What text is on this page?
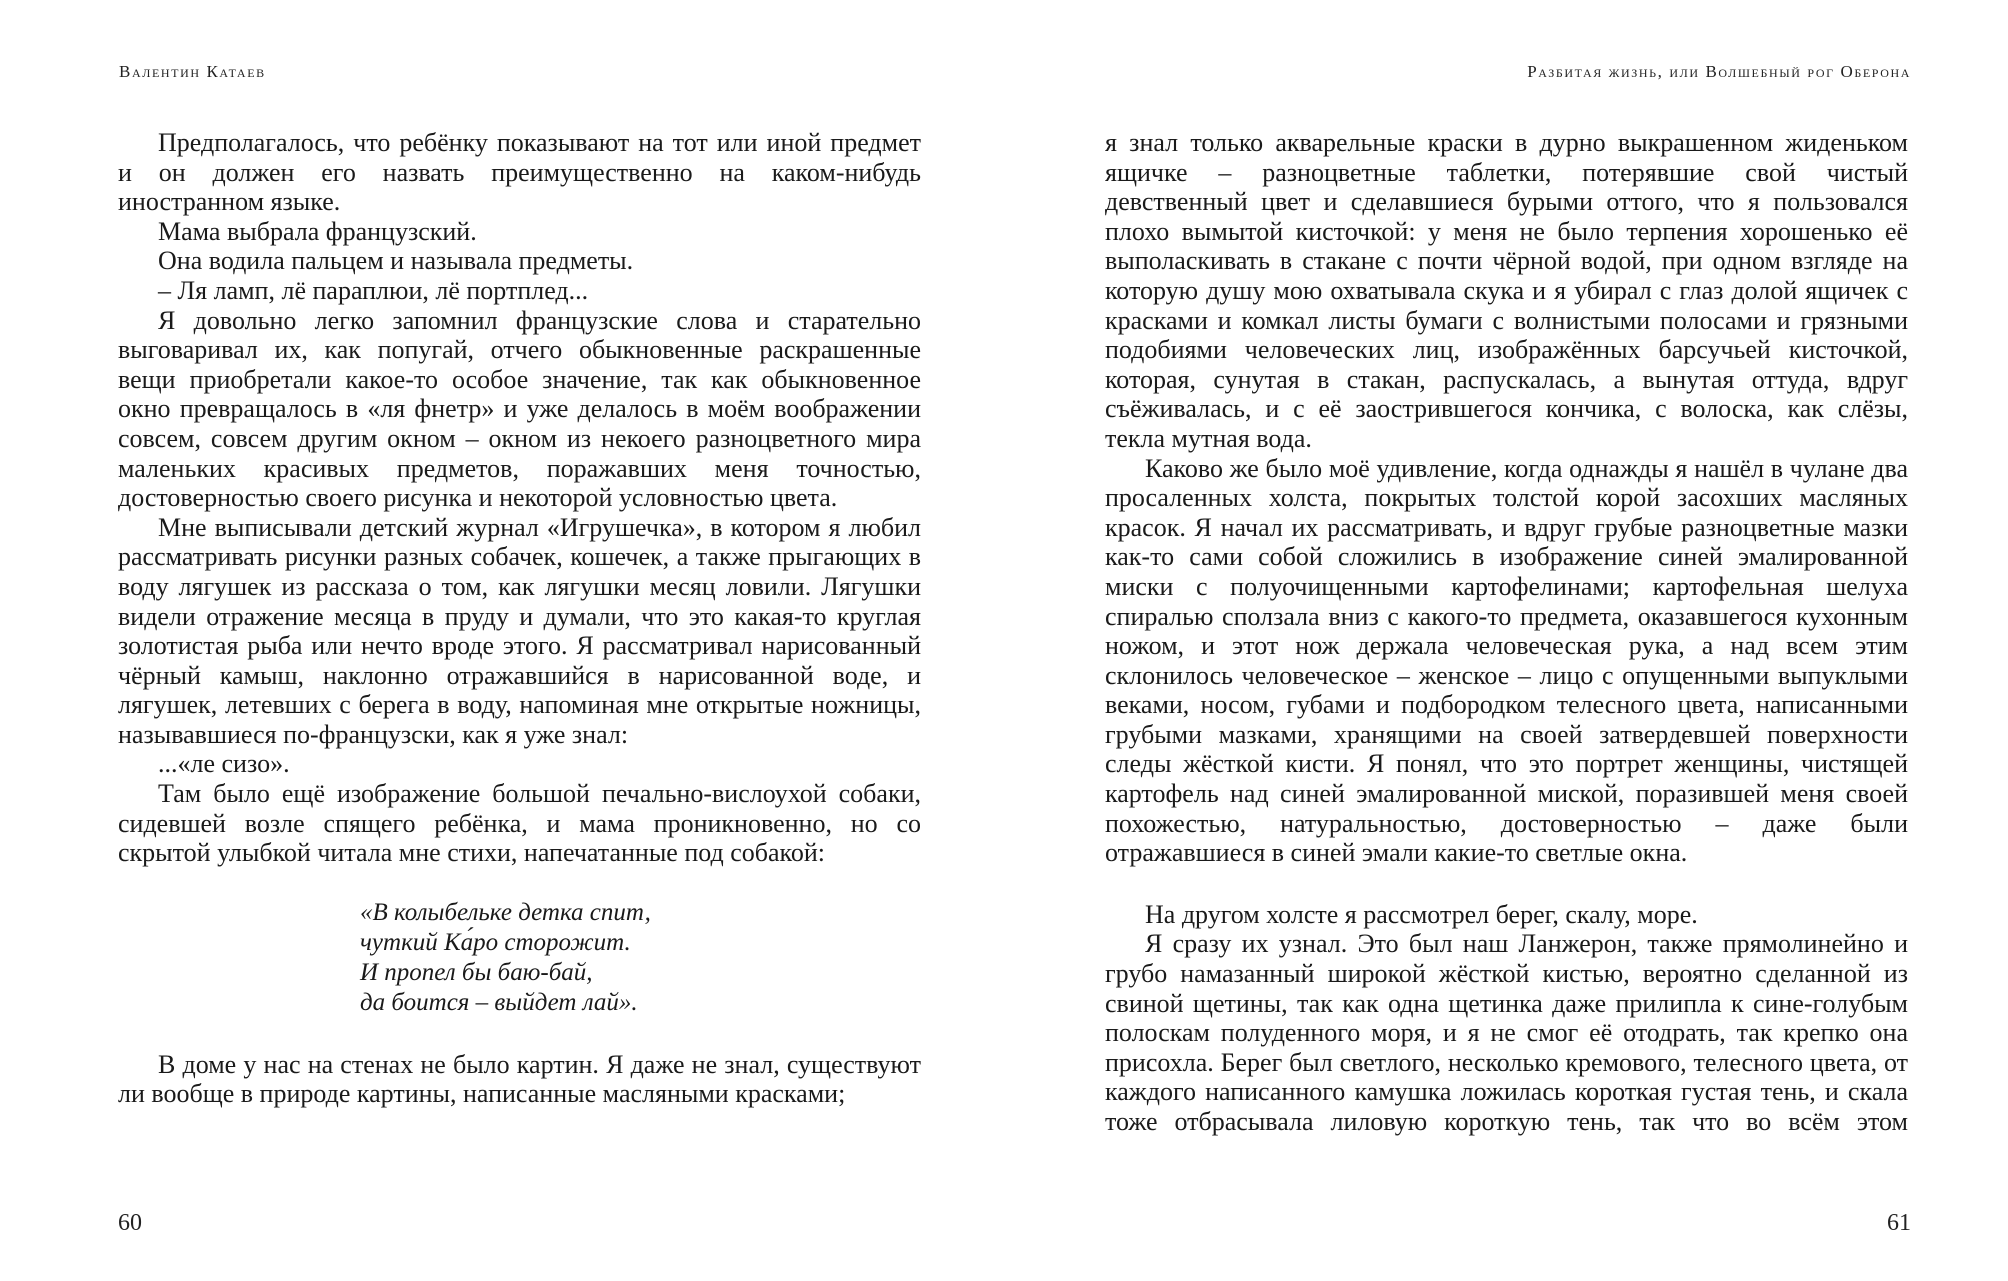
Валентин Катаев

Предполагалось, что ребёнку показывают на тот или иной предмет и он должен его назвать преимущественно на каком-нибудь иностранном языке.

Мама выбрала французский.

Она водила пальцем и называла предметы.

– Ля ламп, лё параплюи, лё портплед...

Я довольно легко запомнил французские слова и старательно выговаривал их, как попугай, отчего обыкновенные раскрашенные вещи приобретали какое-то особое значение, так как обыкновенное окно превращалось в «ля фнетр» и уже делалось в моём воображении совсем, совсем другим окном – окном из некоего разноцветного мира маленьких красивых предметов, поражавших меня точностью, достоверностью своего рисунка и некоторой условностью цвета.

Мне выписывали детский журнал «Игрушечка», в котором я любил рассматривать рисунки разных собачек, кошечек, а также прыгающих в воду лягушек из рассказа о том, как лягушки месяц ловили. Лягушки видели отражение месяца в пруду и думали, что это какая-то круглая золотистая рыба или нечто вроде этого. Я рассматривал нарисованный чёрный камыш, наклонно отражавшийся в нарисованной воде, и лягушек, летевших с берега в воду, напоминая мне открытые ножницы, называвшиеся по-французски, как я уже знал:

...«ле сизо».

Там было ещё изображение большой печально-вислоухой собаки, сидевшей возле спящего ребёнка, и мама проникновенно, но со скрытой улыбкой читала мне стихи, напечатанные под собакой:

«В колыбельке детка спит,
чуткий Ка́ро сторожит.
И пропел бы баю-бай,
да боится – выйдет лай».

В доме у нас на стенах не было картин. Я даже не знал, существуют ли вообще в природе картины, написанные масляными красками;

60
Разбитая жизнь, или Волшебный рог Оберона

я знал только акварельные краски в дурно выкрашенном жиденьком ящичке – разноцветные таблетки, потерявшие свой чистый девственный цвет и сделавшиеся бурыми оттого, что я пользовался плохо вымытой кисточкой: у меня не было терпения хорошенько её выполаскивать в стакане с почти чёрной водой, при одном взгляде на которую душу мою охватывала скука и я убирал с глаз долой ящичек с красками и комкал листы бумаги с волнистыми полосами и грязными подобиями человеческих лиц, изображённых барсучьей кисточкой, которая, сунутая в стакан, распускалась, а вынутая оттуда, вдруг съёживалась, и с её заострившегося кончика, с волоска, как слёзы, текла мутная вода.

Каково же было моё удивление, когда однажды я нашёл в чулане два просаленных холста, покрытых толстой корой засохших масляных красок. Я начал их рассматривать, и вдруг грубые разноцветные мазки как-то сами собой сложились в изображение синей эмалированной миски с полуочищенными картофелинами; картофельная шелуха спиралью сползала вниз с какого-то предмета, оказавшегося кухонным ножом, и этот нож держала человеческая рука, а над всем этим склонилось человеческое – женское – лицо с опущенными выпуклыми веками, носом, губами и подбородком телесного цвета, написанными грубыми мазками, хранящими на своей затвердевшей поверхности следы жёсткой кисти. Я понял, что это портрет женщины, чистящей картофель над синей эмалированной миской, поразившей меня своей похожестью, натуральностью, достоверностью – даже были отражавшиеся в синей эмали какие-то светлые окна.

На другом холсте я рассмотрел берег, скалу, море.

Я сразу их узнал. Это был наш Ланжерон, также прямолинейно и грубо намазанный широкой жёсткой кистью, вероятно сделанной из свиной щетины, так как одна щетинка даже прилипла к сине-голубым полоскам полуденного моря, и я не смог её отодрать, так крепко она присохла. Берег был светлого, несколько кремового, телесного цвета, от каждого написанного камушка ложилась короткая густая тень, и скала тоже отбрасывала лиловую короткую тень, так что во всём этом

61
